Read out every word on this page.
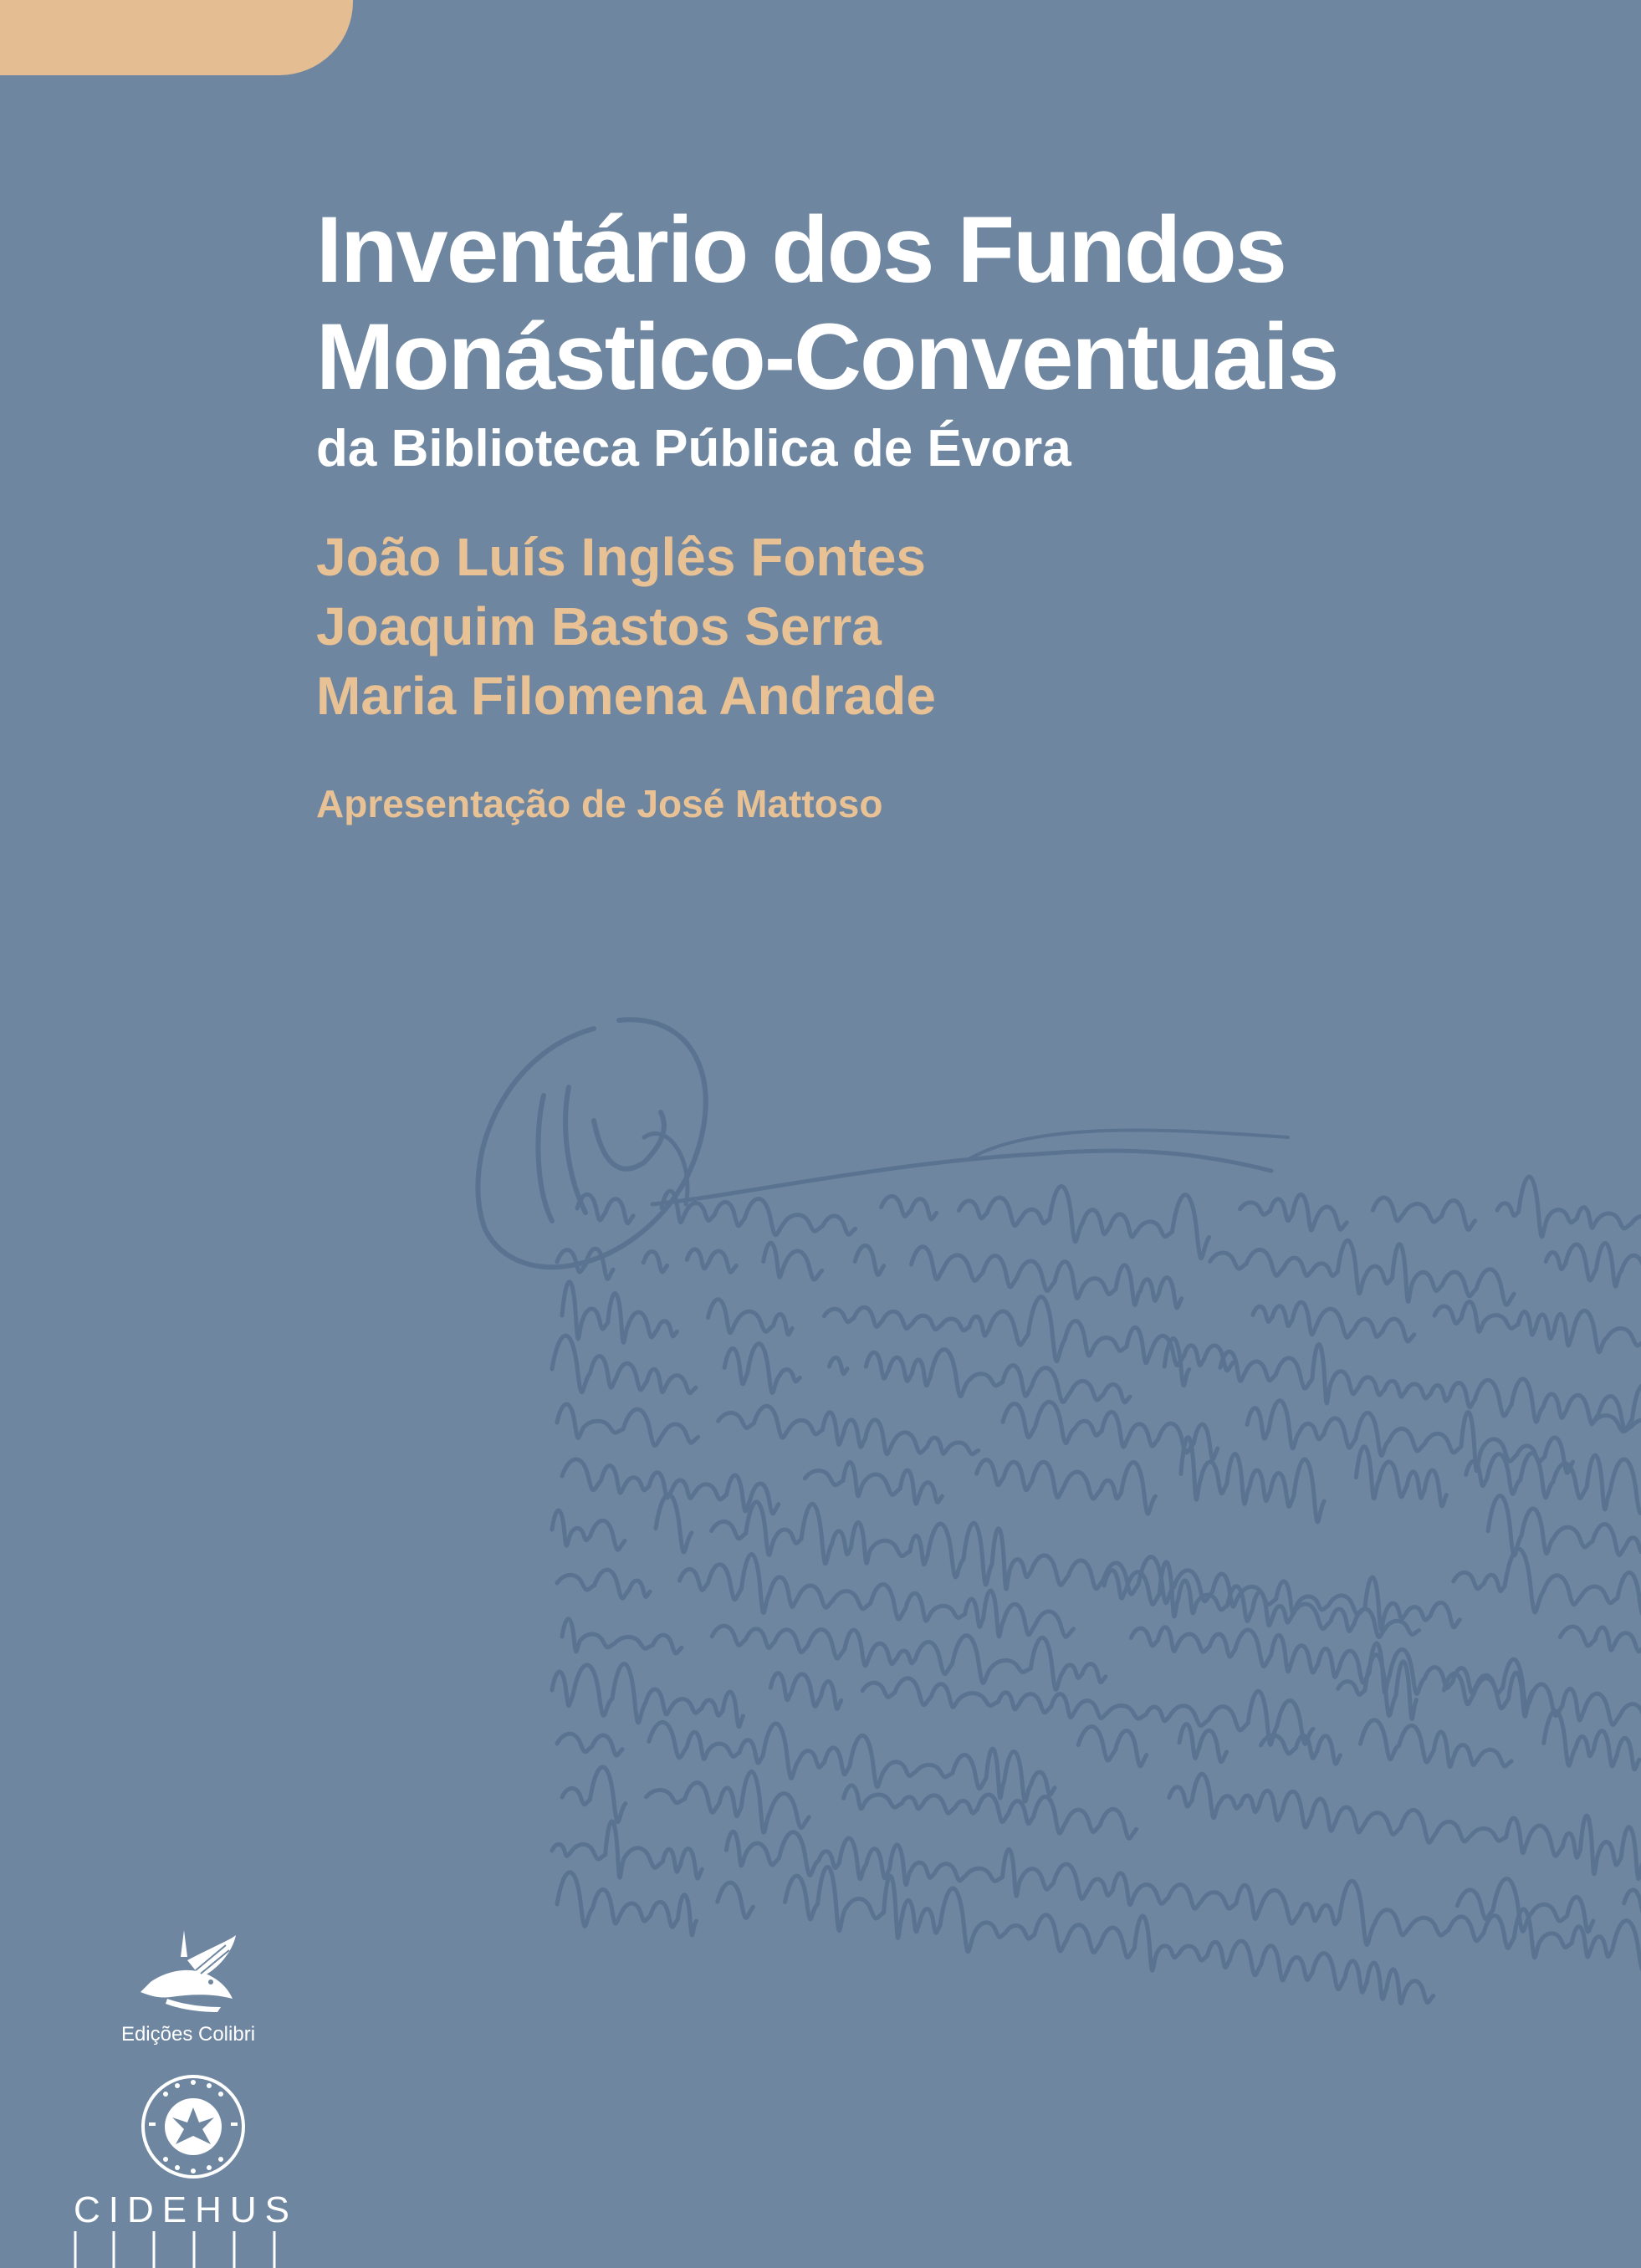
Inventário dos Fundos
Monástico-Conventuais
da Biblioteca Pública de Évora
João Luís Inglês Fontes
Joaquim Bastos Serra
Maria Filomena Andrade
Apresentação de José Mattoso
Edições Colibri
CIDEHUS
